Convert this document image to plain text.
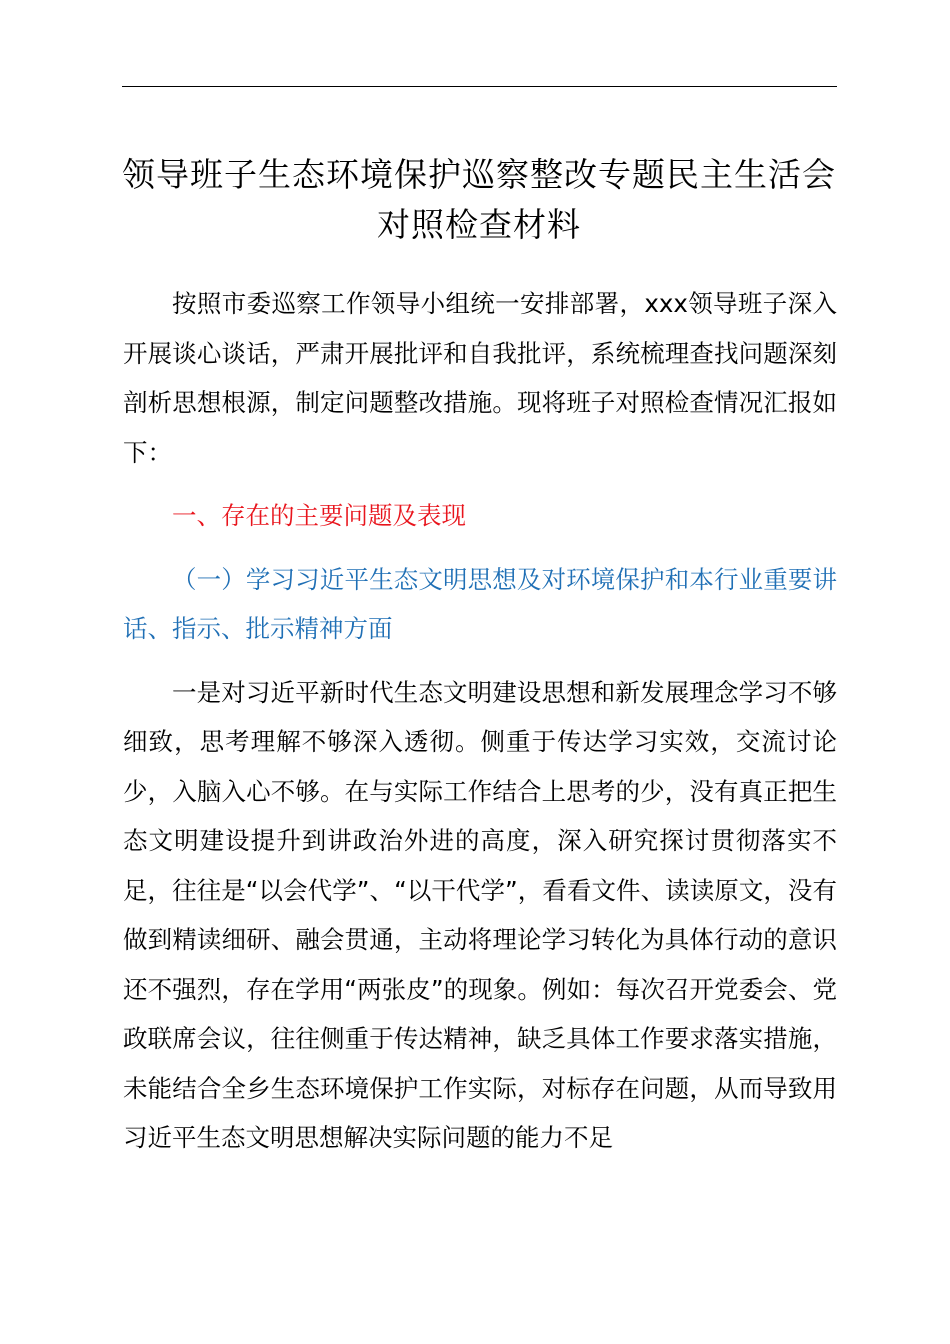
领导班子生态环境保护巡察整改专题民主生活会对照检查材料

按照市委巡察工作领导小组统一安排部署，xxx领导班子深入开展谈心谈话，严肃开展批评和自我批评，系统梳理查找问题深刻剖析思想根源，制定问题整改措施。现将班子对照检查情况汇报如下：

一、存在的主要问题及表现

（一）学习习近平生态文明思想及对环境保护和本行业重要讲话、指示、批示精神方面

一是对习近平新时代生态文明建设思想和新发展理念学习不够细致，思考理解不够深入透彻。侧重于传达学习实效，交流讨论少，入脑入心不够。在与实际工作结合上思考的少，没有真正把生态文明建设提升到讲政治外进的高度，深入研究探讨贯彻落实不足，往往是“以会代学”、“以干代学”，看看文件、读读原文，没有做到精读细研、融会贯通，主动将理论学习转化为具体行动的意识还不强烈，存在学用“两张皮”的现象。例如：每次召开党委会、党政联席会议，往往侧重于传达精神，缺乏具体工作要求落实措施，未能结合全乡生态环境保护工作实际，对标存在问题，从而导致用习近平生态文明思想解决实际问题的能力不足
